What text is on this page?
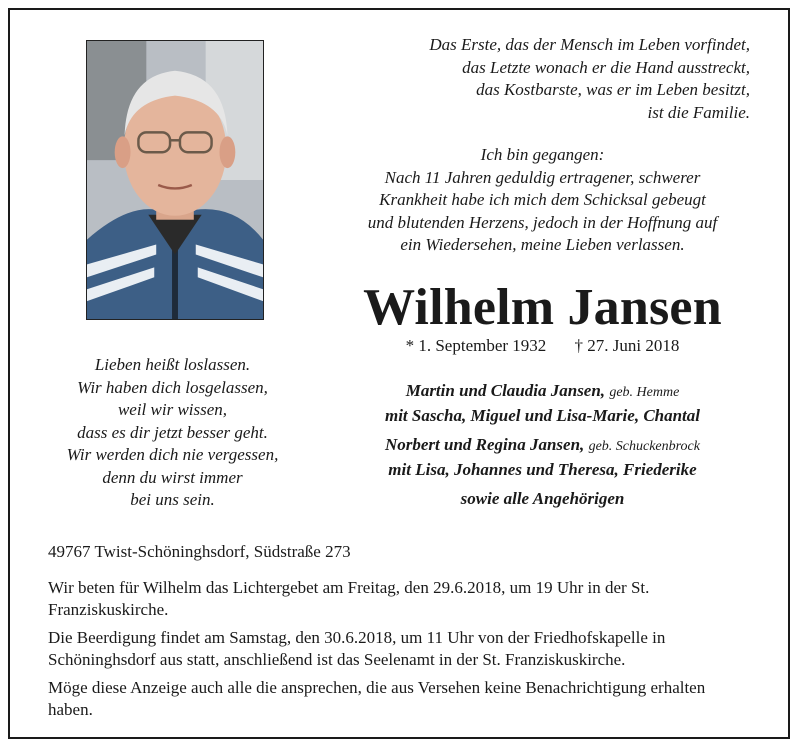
Das Erste, das der Mensch im Leben vorfindet,

das Letzte wonach er die Hand ausstreckt,

das Kostbarste, was er im Leben besitzt,

ist die Familie.

Ich bin gegangen:

Nach 11 Jahren geduldig ertragener, schwerer

Krankheit habe ich mich dem Schicksal gebeugt

und blutenden Herzens, jedoch in der Hoffnung auf

ein Wiedersehen, meine Lieben verlassen.

Wilhelm Jansen
* 1. September 1932 † 27. Juni 2018

Lieben heißt loslassen.

Wir haben dich losgelassen,

weil wir wissen,

dass es dir jetzt besser geht.

Wir werden dich nie vergessen,

denn du wirst immer

bei uns sein.

Martin und Claudia Jansen, geb. Hemme

mit Sascha, Miguel und Lisa-Marie, Chantal

Norbert und Regina Jansen, geb. Schuckenbrock

mit Lisa, Johannes und Theresa, Friederike

sowie alle Angehörigen

49767 Twist-Schöninghsdorf, Südstraße 273

Wir beten für Wilhelm das Lichtergebet am Freitag, den 29.6.2018, um 19 Uhr in der St. Franziskuskirche.

Die Beerdigung findet am Samstag, den 30.6.2018, um 11 Uhr von der Friedhofskapelle in Schöninghsdorf aus statt, anschließend ist das Seelenamt in der St. Franziskuskirche.

Möge diese Anzeige auch alle die ansprechen, die aus Versehen keine Benachrichtigung erhalten haben.
